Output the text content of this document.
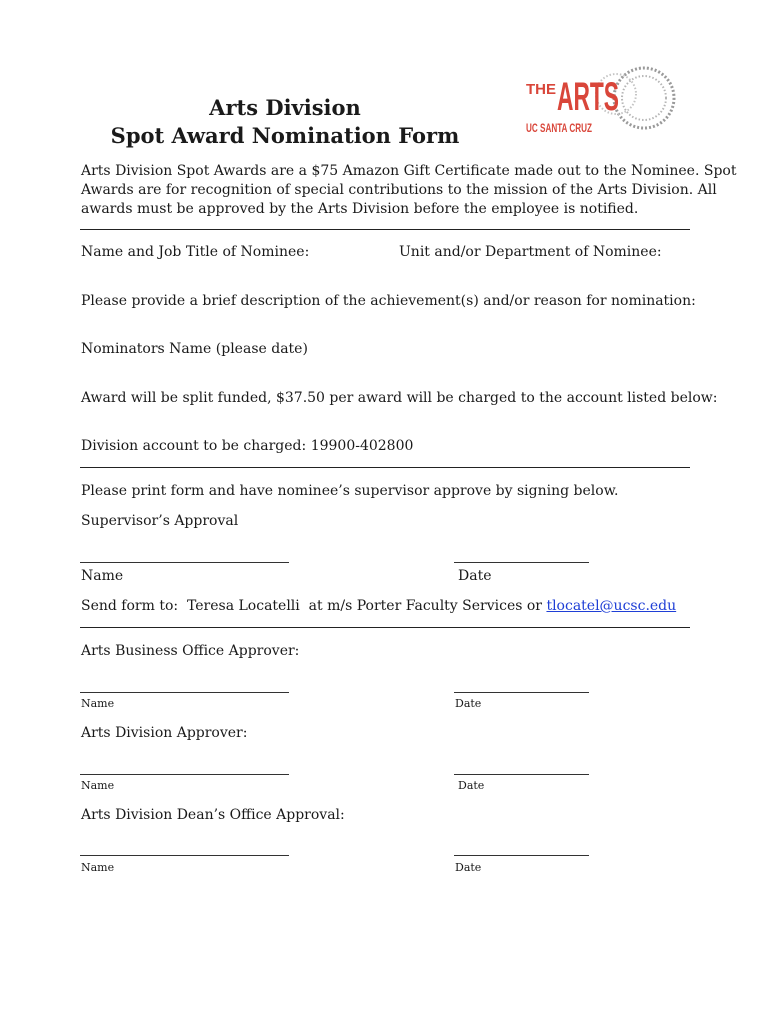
THE ARTS
UC SANTA CRUZ
Arts Division
Spot Award Nomination Form
Arts Division Spot Awards are a $75 Amazon Gift Certificate made out to the Nominee. Spot
Awards are for recognition of special contributions to the mission of the Arts Division. All
awards must be approved by the Arts Division before the employee is notified.
Name and Job Title of Nominee:	Unit and/or Department of Nominee:
Please provide a brief description of the achievement(s) and/or reason for nomination:
Nominators Name (please date)
Award will be split funded, $37.50 per award will be charged to the account listed below:
Division account to be charged: 19900-402800
Please print form and have nominee’s supervisor approve by signing below.
Supervisor’s Approval
Name	Date
Send form to:  Teresa Locatelli  at m/s Porter Faculty Services or tlocatel@ucsc.edu
Arts Business Office Approver:
Name	Date
Arts Division Approver:
Name	Date
Arts Division Dean’s Office Approval:
Name	Date
